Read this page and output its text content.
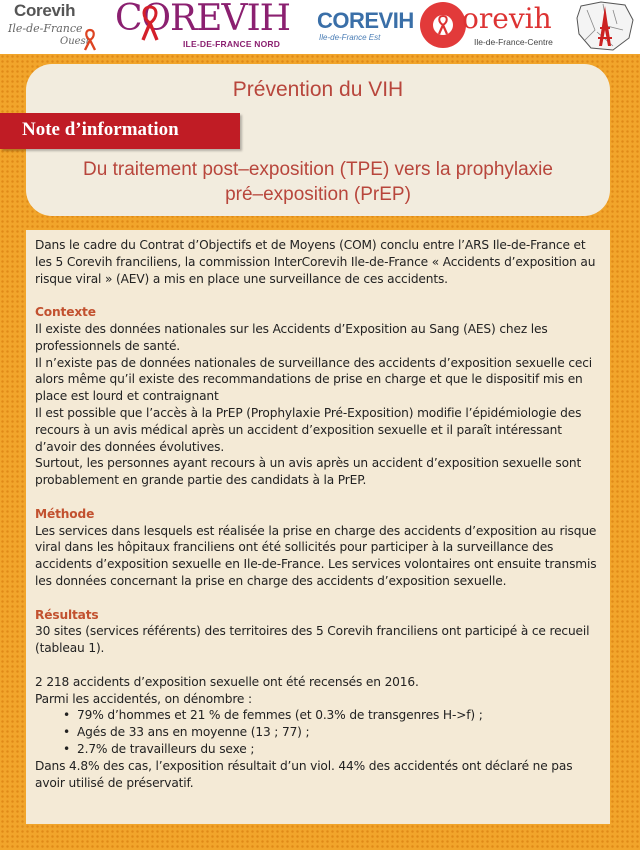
Corevih
Ile-de-France
Ouest
COREVIH
ILE-DE-FRANCE NORD
COREVIH
Ile-de-France Est
orevih
Ile-de-France-Centre
Prévention du VIH
Note d’information
Du traitement post–exposition (TPE) vers la prophylaxie
pré–exposition (PrEP)

Dans le cadre du Contrat d’Objectifs et de Moyens (COM) conclu entre l’ARS Ile-de-France et les 5 Corevih franciliens, la commission InterCorevih Ile-de-France « Accidents d’exposition au risque viral » (AEV) a mis en place une surveillance de ces accidents.

Contexte

Il existe des données nationales sur les Accidents d’Exposition au Sang (AES) chez les professionnels de santé.

Il n’existe pas de données nationales de surveillance des accidents d’exposition sexuelle ceci alors même qu’il existe des recommandations de prise en charge et que le dispositif mis en place est lourd et contraignant

Il est possible que l’accès à la PrEP (Prophylaxie Pré-Exposition) modifie l’épidémiologie des recours à un avis médical après un accident d’exposition sexuelle et il paraît intéressant d’avoir des données évolutives.

Surtout, les personnes ayant recours à un avis après un accident d’exposition sexuelle sont probablement en grande partie des candidats à la PrEP.

Méthode

Les services dans lesquels est réalisée la prise en charge des accidents d’exposition au risque viral dans les hôpitaux franciliens ont été sollicités pour participer à la surveillance des accidents d’exposition sexuelle en Ile-de-France. Les services volontaires ont ensuite transmis les données concernant la prise en charge des accidents d’exposition sexuelle.

Résultats

30 sites (services référents) des territoires des 5 Corevih franciliens ont participé à ce recueil (tableau 1).

2 218 accidents d’exposition sexuelle ont été recensés en 2016.

Parmi les accidentés, on dénombre :

• 79% d’hommes et 21 % de femmes (et 0.3% de transgenres H->f) ;
• Agés de 33 ans en moyenne (13 ; 77) ;
• 2.7% de travailleurs du sexe ;

Dans 4.8% des cas, l’exposition résultait d’un viol. 44% des accidentés ont déclaré ne pas avoir utilisé de préservatif.
